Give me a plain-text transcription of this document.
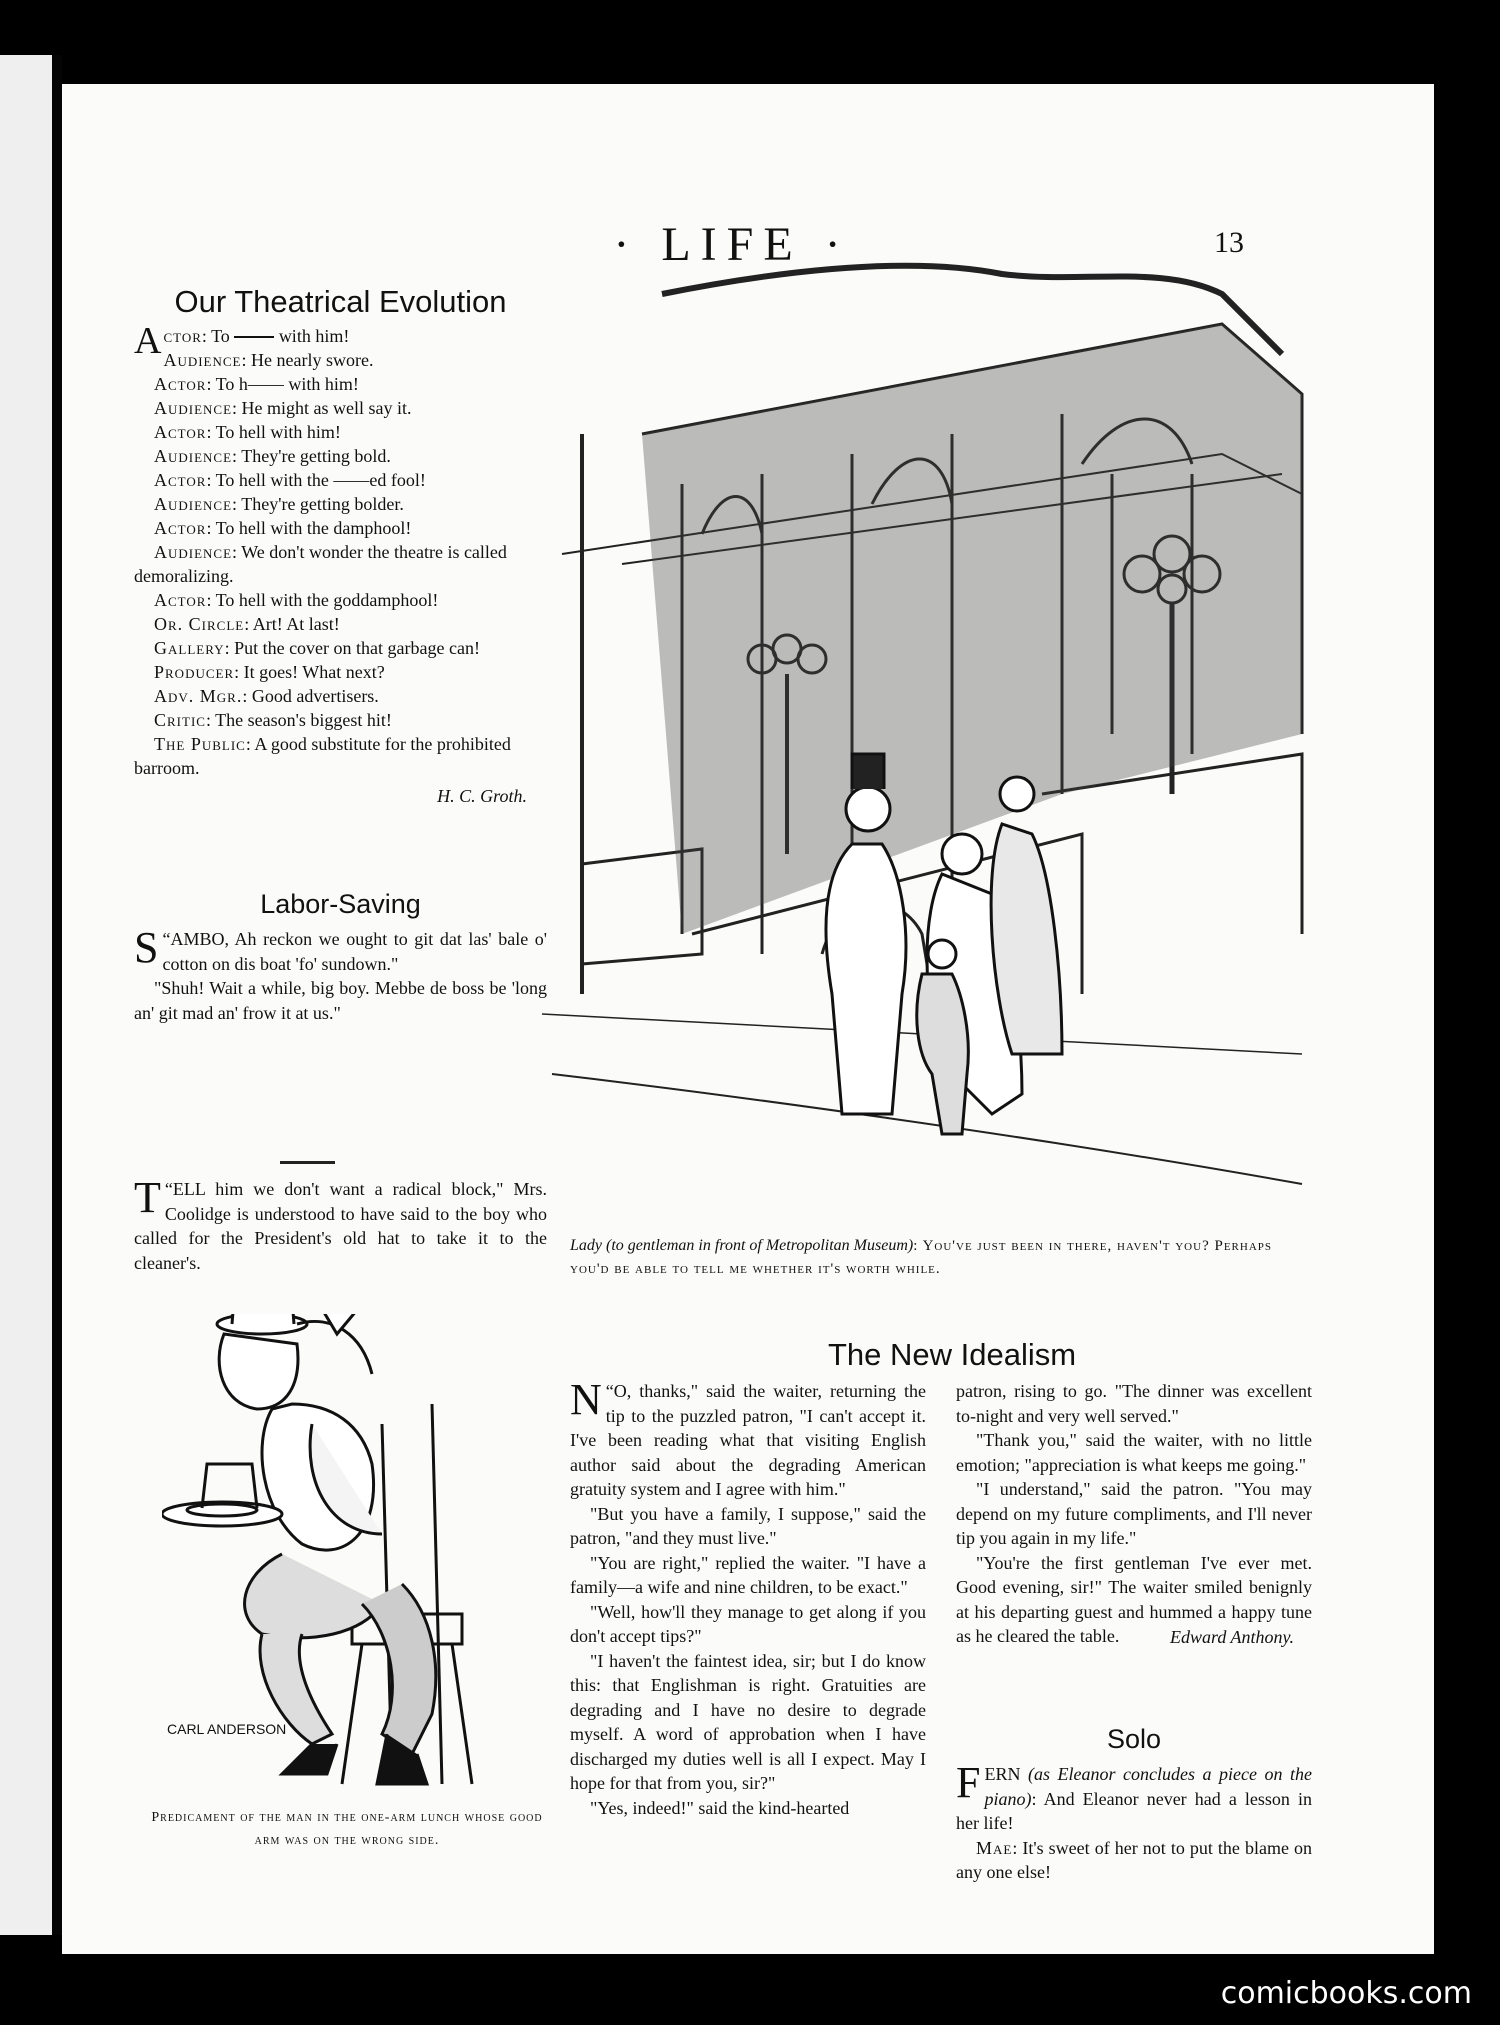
· LIFE ·	13
Our Theatrical Evolution

Actor: To  with him!

Audience: He nearly swore.

Actor: To h—— with him!

Audience: He might as well say it.

Actor: To hell with him!

Audience: They're getting bold.

Actor: To hell with the ——ed fool!

Audience: They're getting bolder.

Actor: To hell with the damphool!

Audience: We don't wonder the theatre is called demoralizing.

Actor: To hell with the goddamphool!

Or. Circle: Art! At last!

Gallery: Put the cover on that garbage can!

Producer: It goes! What next?

Adv. Mgr.: Good advertisers.

Critic: The season's biggest hit!

The Public: A good substitute for the prohibited barroom.

H. C. Groth.

Labor-Saving

“
S AMBO, Ah reckon we ought to git dat las' bale o' cotton on dis boat 'fo' sundown."

"Shuh! Wait a while, big boy. Mebbe de boss be 'long an' git mad an' frow it at us."

“
T ELL him we don't want a radical block," Mrs. Coolidge is understood to have said to the boy who called for the President's old hat to take it to the cleaner's.

Lady (to gentleman in front of Metropolitan Museum): You've just been in there, haven't you? Perhaps you'd be able to tell me whether it's worth while.
CARL ANDERSON
Predicament of the man in the one-arm lunch whose good arm was on the wrong side.
The New Idealism

“
N O, thanks," said the waiter, returning the tip to the puzzled patron, "I can't accept it. I've been reading what that visiting English author said about the degrading American gratuity system and I agree with him."

"But you have a family, I suppose," said the patron, "and they must live."

"You are right," replied the waiter. "I have a family—a wife and nine children, to be exact."

"Well, how'll they manage to get along if you don't accept tips?"

"I haven't the faintest idea, sir; but I do know this: that Englishman is right. Gratuities are degrading and I have no desire to degrade myself. A word of approbation when I have discharged my duties well is all I expect. May I hope for that from you, sir?"

"Yes, indeed!" said the kind-hearted

patron, rising to go. "The dinner was excellent to-night and very well served."

"Thank you," said the waiter, with no little emotion; "appreciation is what keeps me going."

"I understand," said the patron. "You may depend on my future compliments, and I'll never tip you again in my life."

"You're the first gentleman I've ever met. Good evening, sir!" The waiter smiled benignly at his departing guest and hummed a happy tune as he cleared the table.	Edward Anthony.

Solo

FERN (as Eleanor concludes a piece on the piano): And Eleanor never had a lesson in her life!

Mae: It's sweet of her not to put the blame on any one else!

comicbooks.com
